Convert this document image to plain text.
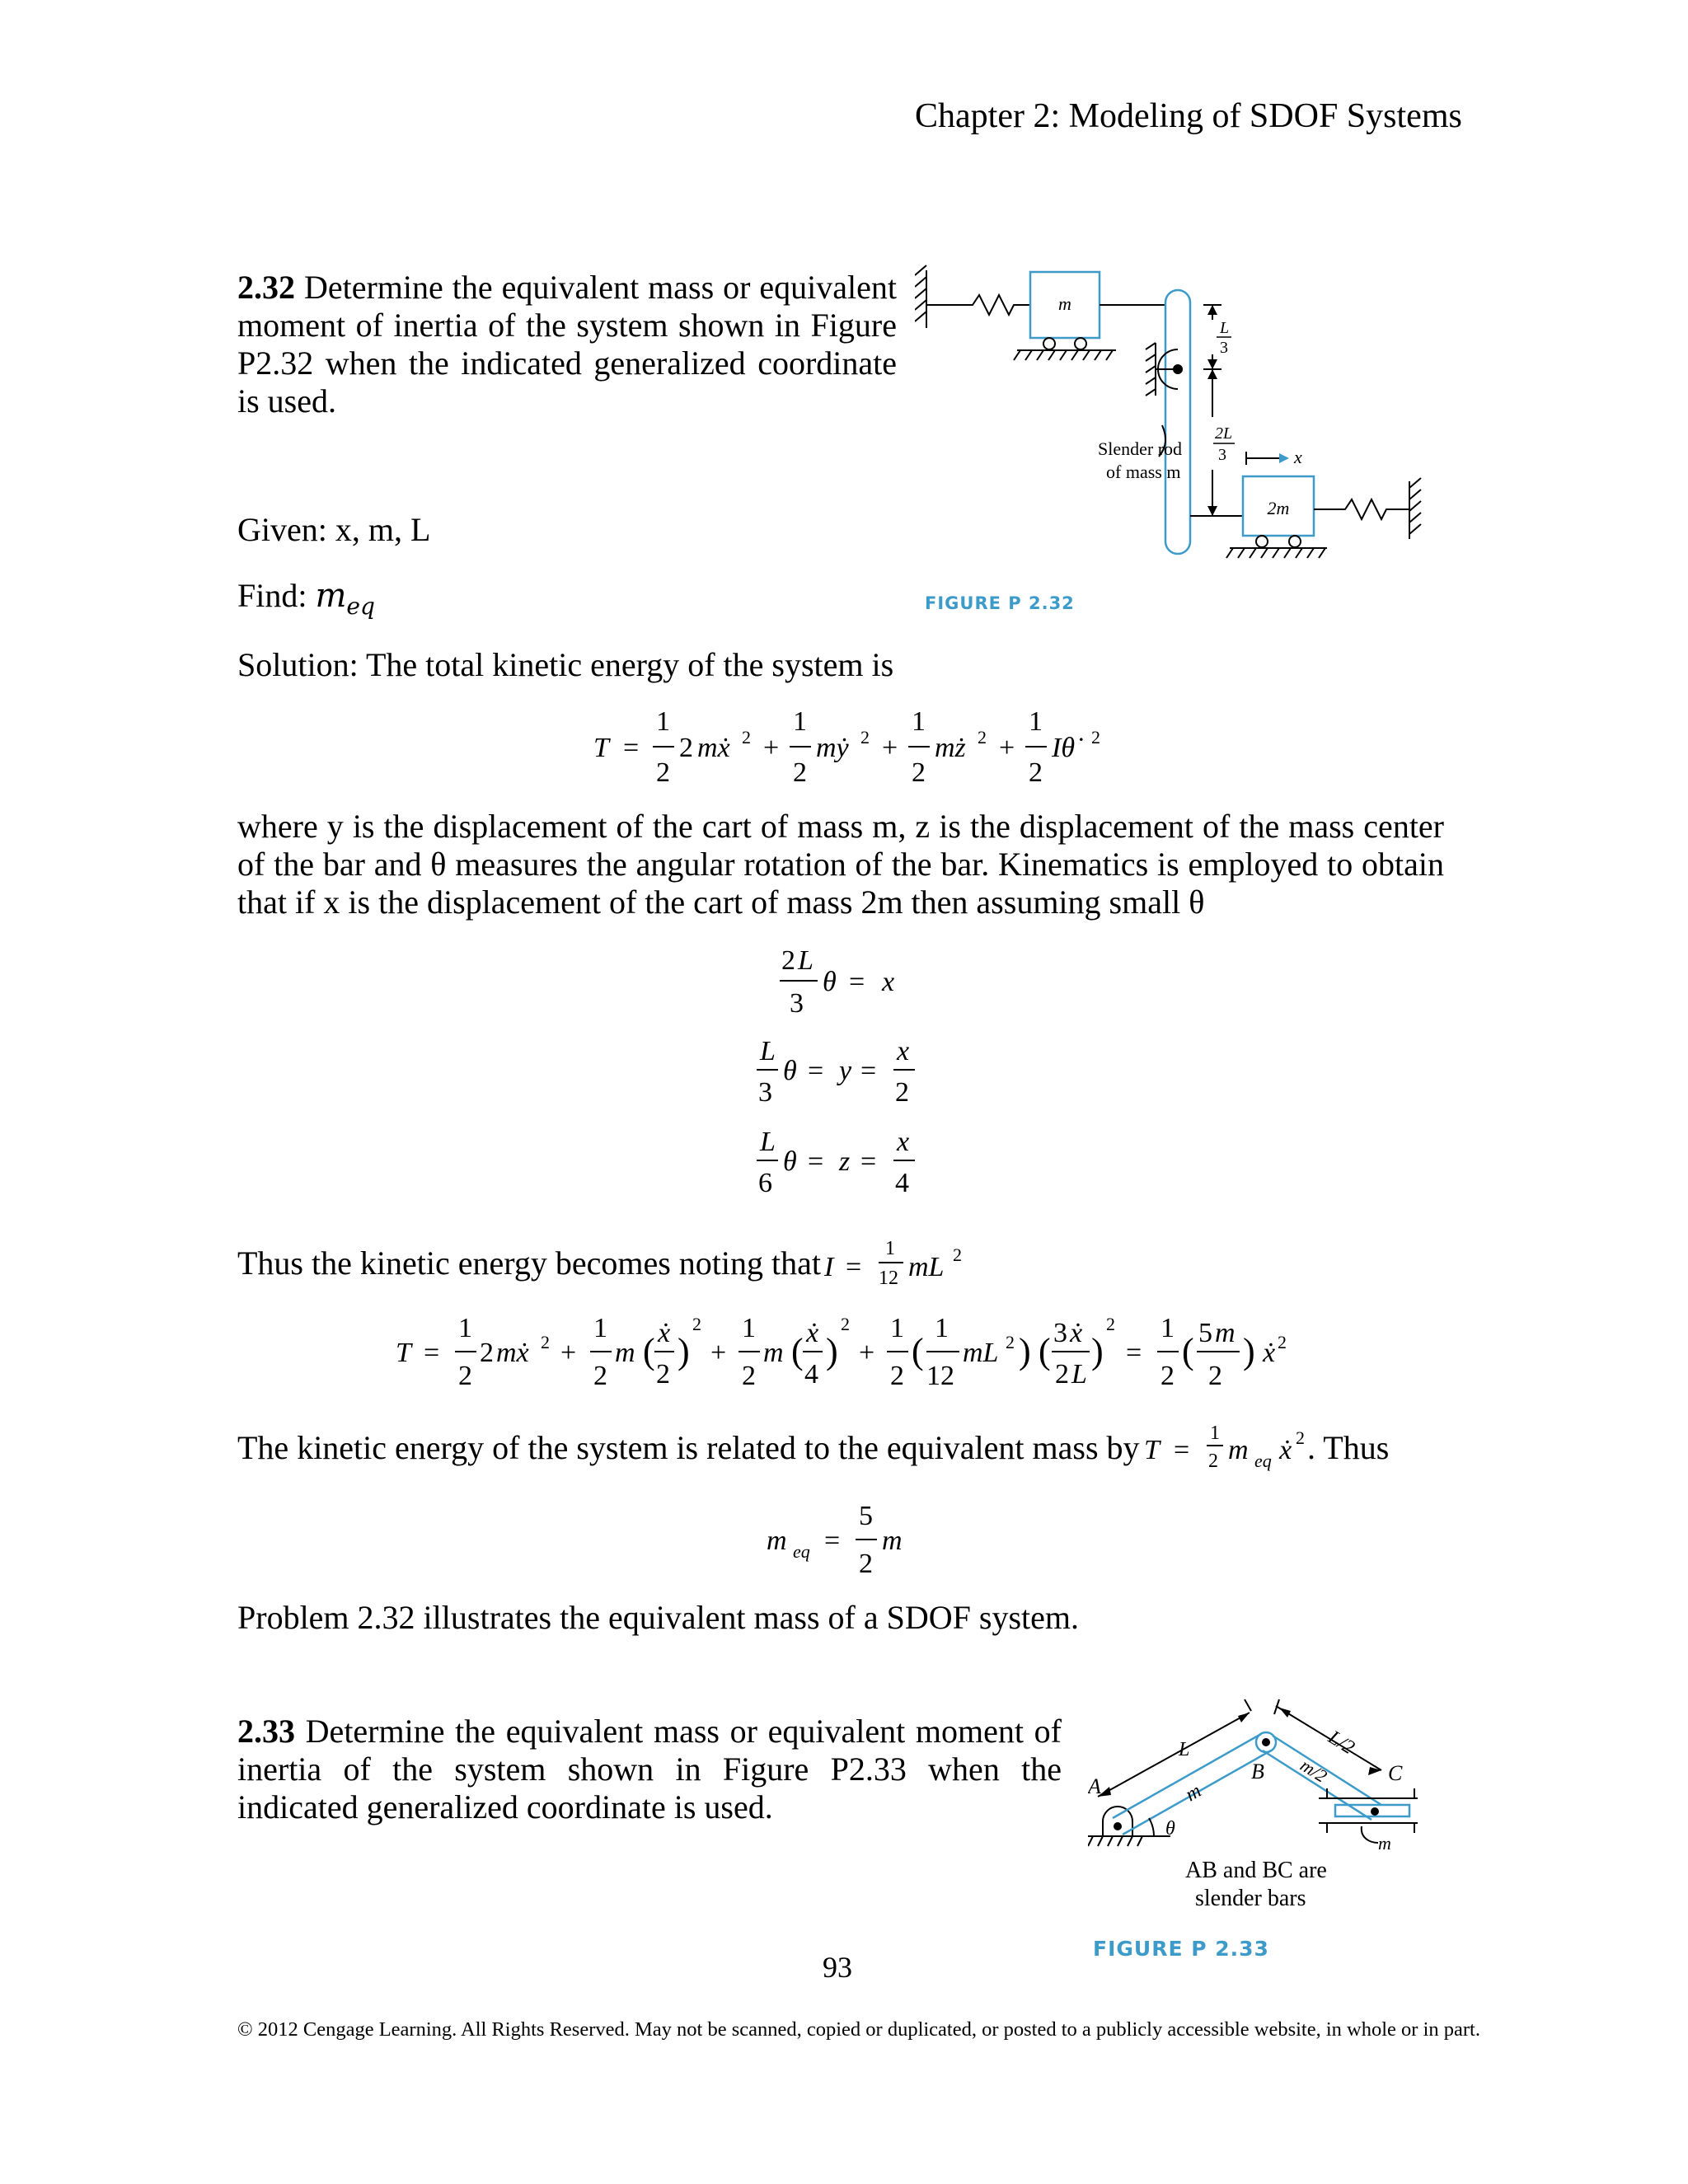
Chapter 2: Modeling of SDOF Systems
2.32 Determine the equivalent mass or equivalent moment of inertia of the system shown in Figure P2.32 when the indicated generalized coordinate is used.
Given: x, m, L
Find: $m_{eq}$
Solution: The total kinetic energy of the system is
m
2m
L
3
2L
3	x
Slender rod
of mass m
FIGURE P 2.32
T =
1
2
2 mẋ 2 +
1
2
mẏ 2 +
1
2
mż 2 +
1
2
Iθ̇ 2
where y is the displacement of the cart of mass m, z is the displacement of the mass center of the bar and θ measures the angular rotation of the bar. Kinematics is employed to obtain that if x is the displacement of the cart of mass 2m then assuming small θ
2 L
3
θ = x
L
3
θ = y =
x
2
L
6
θ = z =
x
4
Thus the kinetic energy becomes noting that I =
1
12 mL 2
T =
1
2
2 mẋ 2 +
1
2
m ( ẋ
2
)
2
+
1
2
m ( ẋ
4
)
2
+
1
2
(
1
12
mL 2 ) ( 3 ẋ
2 L
)
2
=
1
2
( 5 m
2
) ẋ 2
The kinetic energy of the system is related to the equivalent mass by T =
1
2 m eq ẋ 2 . Thus
m eq =
5
2
m
Problem 2.32 illustrates the equivalent mass of a SDOF system.
2.33 Determine the equivalent mass or equivalent moment of inertia of the system shown in Figure P2.33 when the indicated generalized coordinate is used.
A
B	C
L	L/2
m/2
m
θ
m
AB and BC are
slender bars
FIGURE P 2.33
93
© 2012 Cengage Learning. All Rights Reserved. May not be scanned, copied or duplicated, or posted to a publicly accessible website, in whole or in part.
